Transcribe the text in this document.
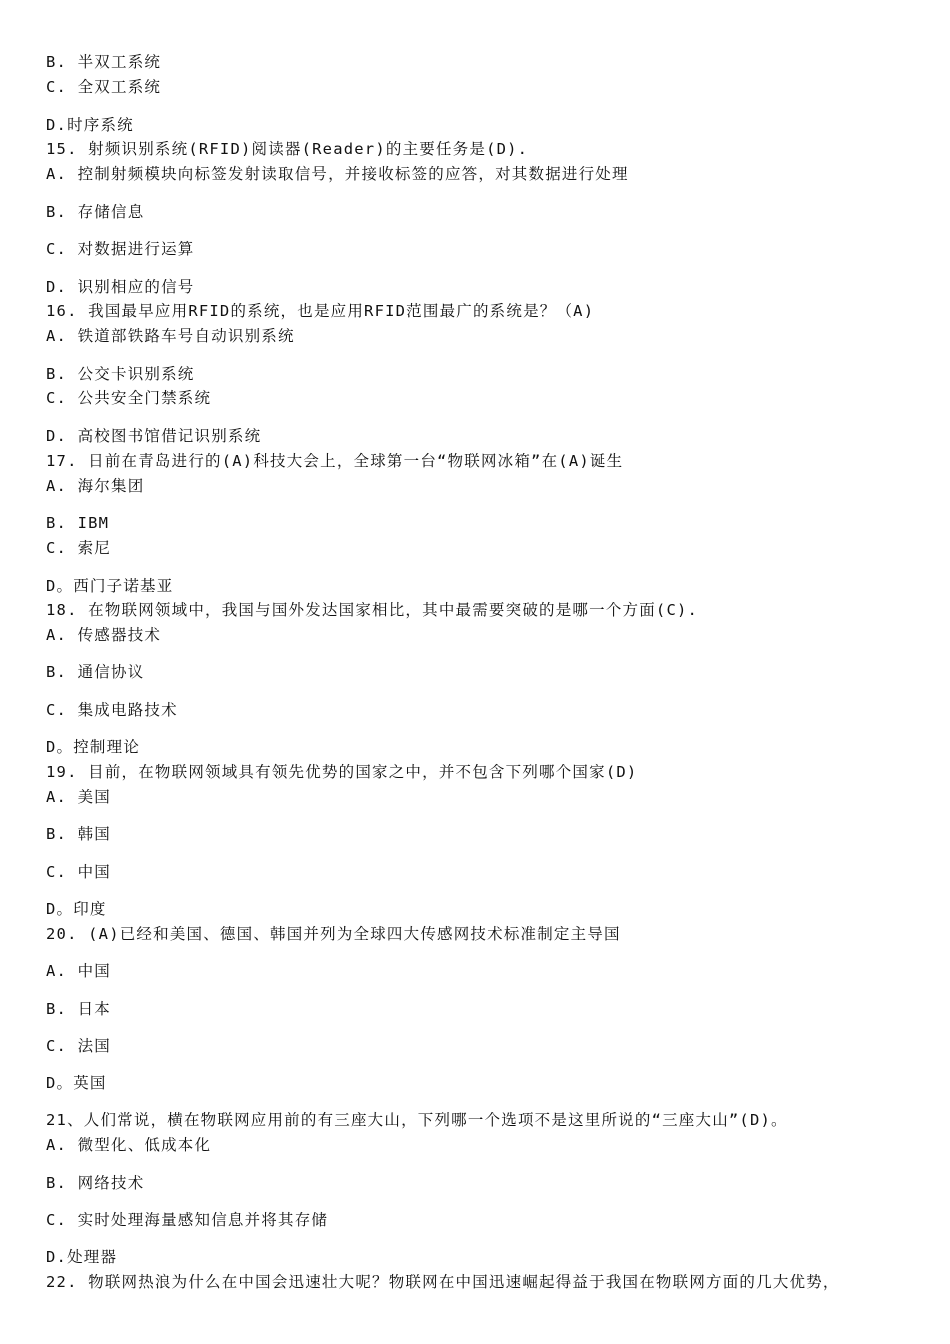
B. 半双工系统
C. 全双工系统
D.时序系统
15. 射频识别系统(RFID)阅读器(Reader)的主要任务是(D).
A. 控制射频模块向标签发射读取信号，并接收标签的应答，对其数据进行处理
B. 存储信息
C. 对数据进行运算
D. 识别相应的信号
16. 我国最早应用RFID的系统，也是应用RFID范围最广的系统是？（A)
A. 铁道部铁路车号自动识别系统
B. 公交卡识别系统
C. 公共安全门禁系统
D. 高校图书馆借记识别系统
17. 日前在青岛进行的(A)科技大会上，全球第一台“物联网冰箱”在(A)诞生
A. 海尔集团
B. IBM
C. 索尼
D。西门子诺基亚
18. 在物联网领域中，我国与国外发达国家相比，其中最需要突破的是哪一个方面(C).
A. 传感器技术
B. 通信协议
C. 集成电路技术
D。控制理论
19. 目前，在物联网领域具有领先优势的国家之中，并不包含下列哪个国家(D)
A. 美国
B. 韩国
C. 中国
D。印度
20. (A)已经和美国、德国、韩国并列为全球四大传感网技术标准制定主导国
A. 中国
B. 日本
C. 法国
D。英国
21、人们常说，横在物联网应用前的有三座大山，下列哪一个选项不是这里所说的“三座大山”(D)。
A. 微型化、低成本化
B. 网络技术
C. 实时处理海量感知信息并将其存储
D.处理器
22. 物联网热浪为什么在中国会迅速壮大呢？物联网在中国迅速崛起得益于我国在物联网方面的几大优势，
